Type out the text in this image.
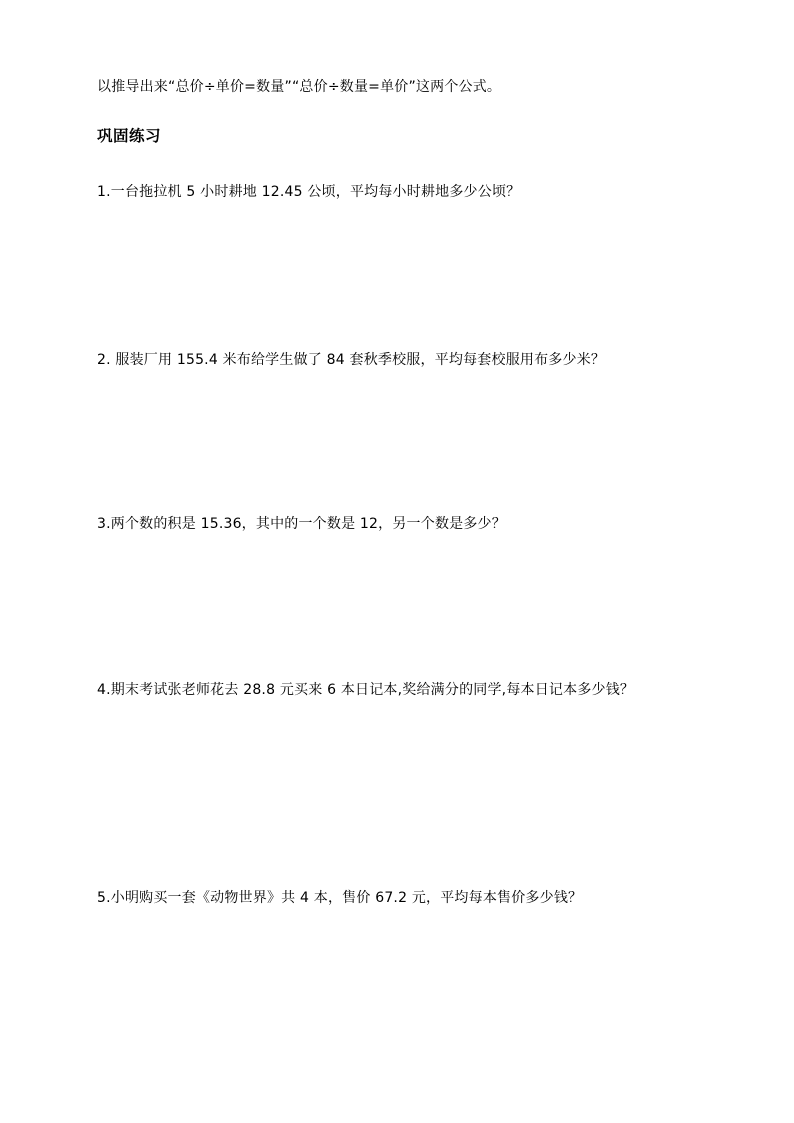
以推导出来“总价÷单价=数量”“总价÷数量=单价”这两个公式。
巩固练习
1.一台拖拉机 5 小时耕地 12.45 公顷，平均每小时耕地多少公顷？
2. 服装厂用 155.4 米布给学生做了 84 套秋季校服，平均每套校服用布多少米？
3.两个数的积是 15.36，其中的一个数是 12，另一个数是多少？
4.期末考试张老师花去 28.8 元买来 6 本日记本,奖给满分的同学,每本日记本多少钱？
5.小明购买一套《动物世界》共 4 本，售价 67.2 元，平均每本售价多少钱？
